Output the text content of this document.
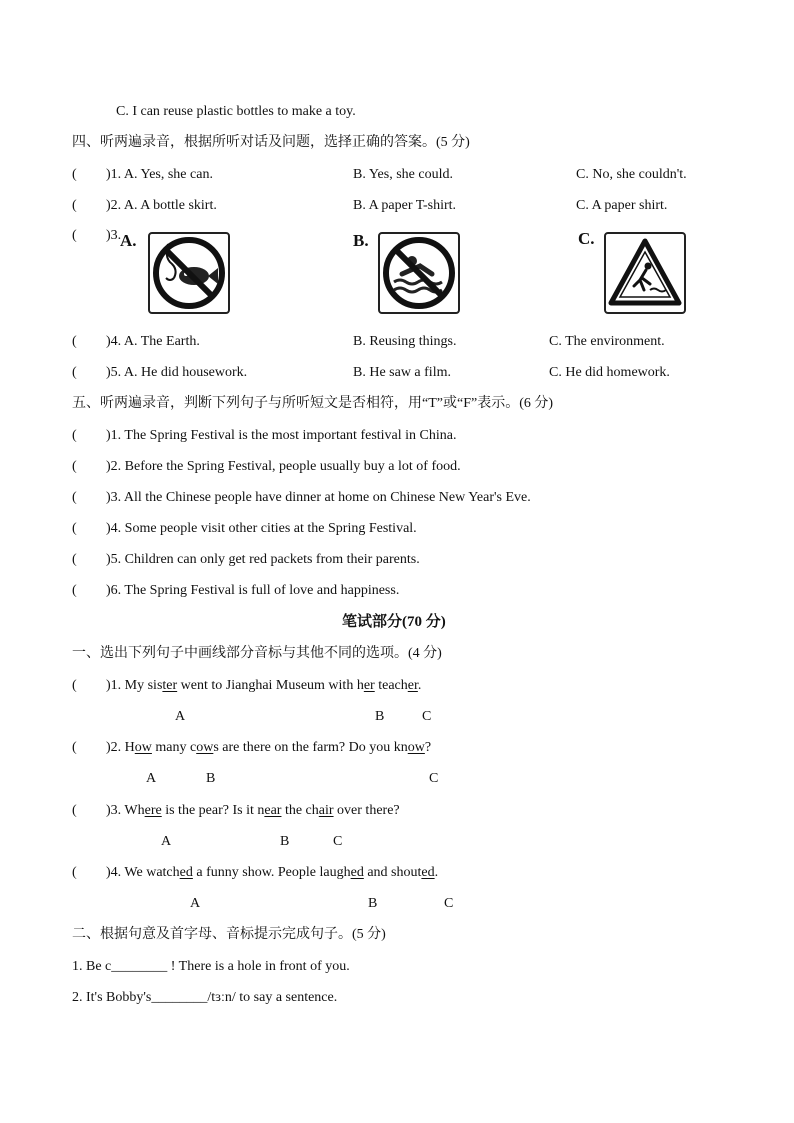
C. I can reuse plastic bottles to make a toy.
四、听两遍录音，根据所听对话及问题，选择正确的答案。(5 分)
( )1. A. Yes, she can.	B. Yes, she could.	C. No, she couldn't.
( )2. A. A bottle skirt.	B. A paper T-shirt.	C. A paper shirt.
( )3.
A.	B.	C.
( )4. A. The Earth.	B. Reusing things.	C. The environment.
( )5. A. He did housework.	B. He saw a film.	C. He did homework.
五、听两遍录音，判断下列句子与所听短文是否相符，用“T”或“F”表示。(6 分)
( )1. The Spring Festival is the most important festival in China.
( )2. Before the Spring Festival, people usually buy a lot of food.
( )3. All the Chinese people have dinner at home on Chinese New Year's Eve.
( )4. Some people visit other cities at the Spring Festival.
( )5. Children can only get red packets from their parents.
( )6. The Spring Festival is full of love and happiness.
笔试部分(70 分)
一、选出下列句子中画线部分音标与其他不同的选项。(4 分)
( )1. My sister went to Jianghai Museum with her teacher.
A	B	C
( )2. How many cows are there on the farm? Do you know?
A	B	C
( )3. Where is the pear? Is it near the chair over there?
A	B	C
( )4. We watched a funny show. People laughed and shouted.
A	B	C
二、根据句意及首字母、音标提示完成句子。(5 分)
1. Be c________ ! There is a hole in front of you.
2. It's Bobby's________/tɜːn/ to say a sentence.
